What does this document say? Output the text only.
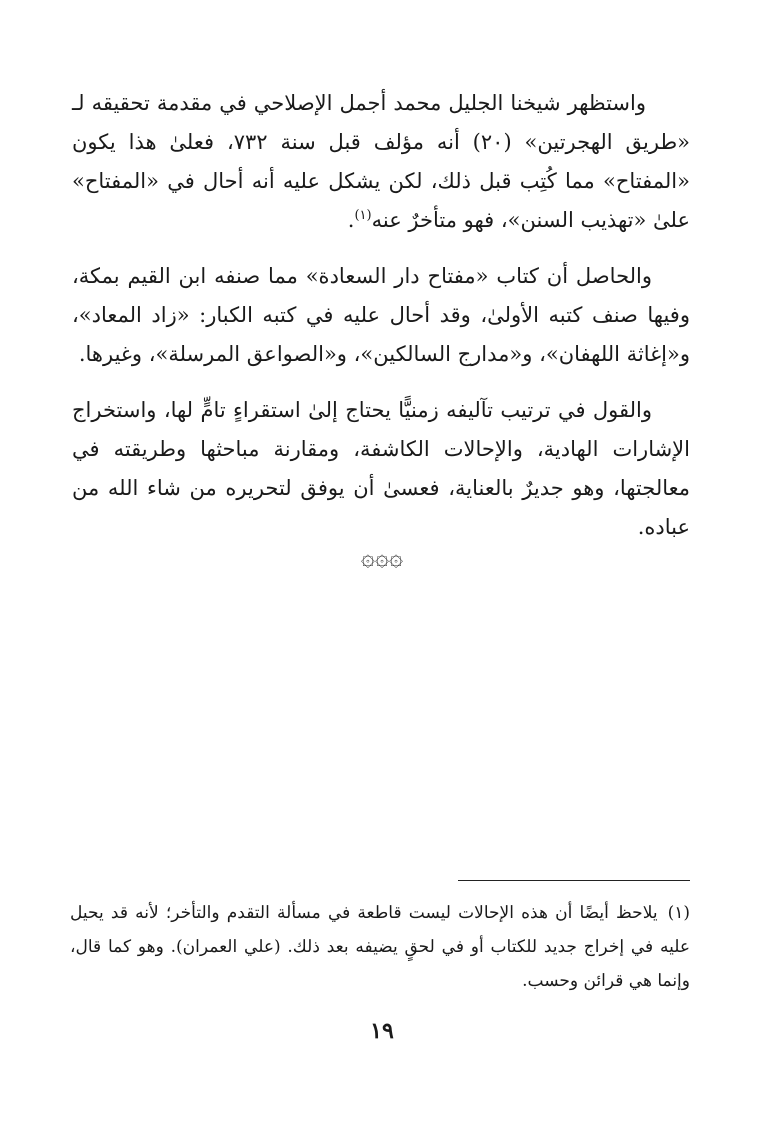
واستظهر شيخنا الجليل محمد أجمل الإصلاحي في مقدمة تحقيقه لـ «طريق الهجرتين» (٢٠) أنه مؤلف قبل سنة ٧٣٢، فعلىٰ هذا يكون «المفتاح» مما كُتِب قبل ذلك، لكن يشكل عليه أنه أحال في «المفتاح» علىٰ «تهذيب السنن»، فهو متأخرٌ عنه$^{(١)}$.

والحاصل أن كتاب «مفتاح دار السعادة» مما صنفه ابن القيم بمكة، وفيها صنف كتبه الأولىٰ، وقد أحال عليه في كتبه الكبار: «زاد المعاد»، و«إغاثة اللهفان»، و«مدارج السالكين»، و«الصواعق المرسلة»، وغيرها.

والقول في ترتيب تآليفه زمنيًّا يحتاج إلىٰ استقراءٍ تامٍّ لها، واستخراج الإشارات الهادية، والإحالات الكاشفة، ومقارنة مباحثها وطريقته في معالجتها، وهو جديرٌ بالعناية، فعسىٰ أن يوفق لتحريره من شاء الله من عباده.

۞۞۞

(١)يلاحظ أيضًا أن هذه الإحالات ليست قاطعة في مسألة التقدم والتأخر؛ لأنه قد يحيل عليه في إخراج جديد للكتاب أو في لحقٍ يضيفه بعد ذلك. (علي العمران). وهو كما قال، وإنما هي قرائن وحسب.

١٩
